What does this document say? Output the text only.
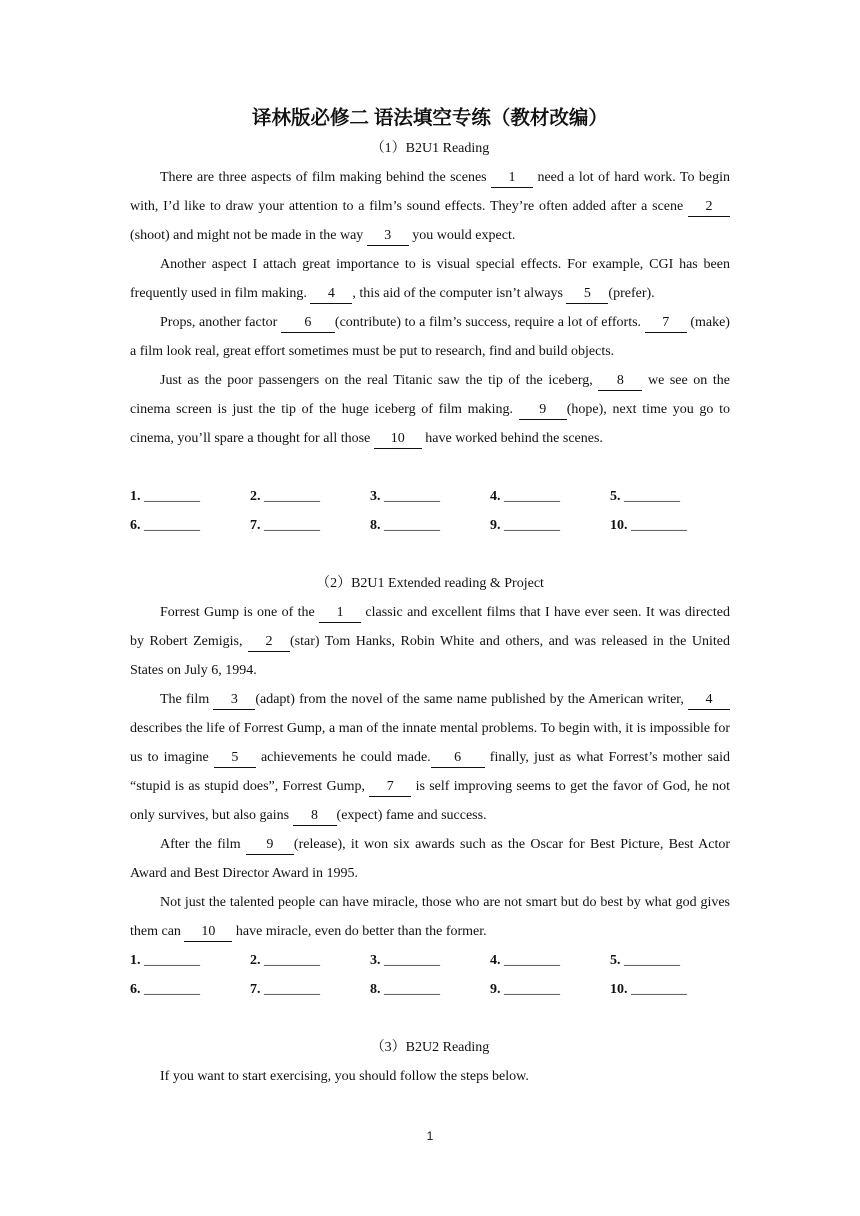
译林版必修二 语法填空专练（教材改编）
（1）B2U1 Reading

There are three aspects of film making behind the scenes 1 need a lot of hard work. To begin with, I’d like to draw your attention to a film’s sound effects. They’re often added after a scene 2(shoot) and might not be made in the way 3 you would expect.

Another aspect I attach great importance to is visual special effects. For example, CGI has been frequently used in film making. 4 , this aid of the computer isn’t always 5 (prefer).

Props, another factor 6 (contribute) to a film’s success, require a lot of efforts. 7 (make) a film look real, great effort sometimes must be put to research, find and build objects.

Just as the poor passengers on the real Titanic saw the tip of the iceberg, 8 we see on the cinema screen is just the tip of the huge iceberg of film making. 9 (hope), next time you go to cinema, you’ll spare a thought for all those 10 have worked behind the scenes.

1. ________	2. ________	3. ________	4. ________	5. ________
6. ________	7. ________	8. ________	9. ________	10. ________
（2）B2U1 Extended reading & Project

Forrest Gump is one of the 1 classic and excellent films that I have ever seen. It was directed by Robert Zemigis, 2 (star) Tom Hanks, Robin White and others, and was released in the United States on July 6, 1994.

The film 3 (adapt) from the novel of the same name published by the American writer, 4 describes the life of Forrest Gump, a man of the innate mental problems. To begin with, it is impossible for us to imagine 5 achievements he could made. 6 finally, just as what Forrest’s mother said “stupid is as stupid does”, Forrest Gump, 7 is self improving seems to get the favor of God, he not only survives, but also gains 8 (expect) fame and success.

After the film 9 (release), it won six awards such as the Oscar for Best Picture, Best Actor Award and Best Director Award in 1995.

Not just the talented people can have miracle, those who are not smart but do best by what god gives them can 10 have miracle, even do better than the former.

1. ________	2. ________	3. ________	4. ________	5. ________
6. ________	7. ________	8. ________	9. ________	10. ________
（3）B2U2 Reading

If you want to start exercising, you should follow the steps below.

1
